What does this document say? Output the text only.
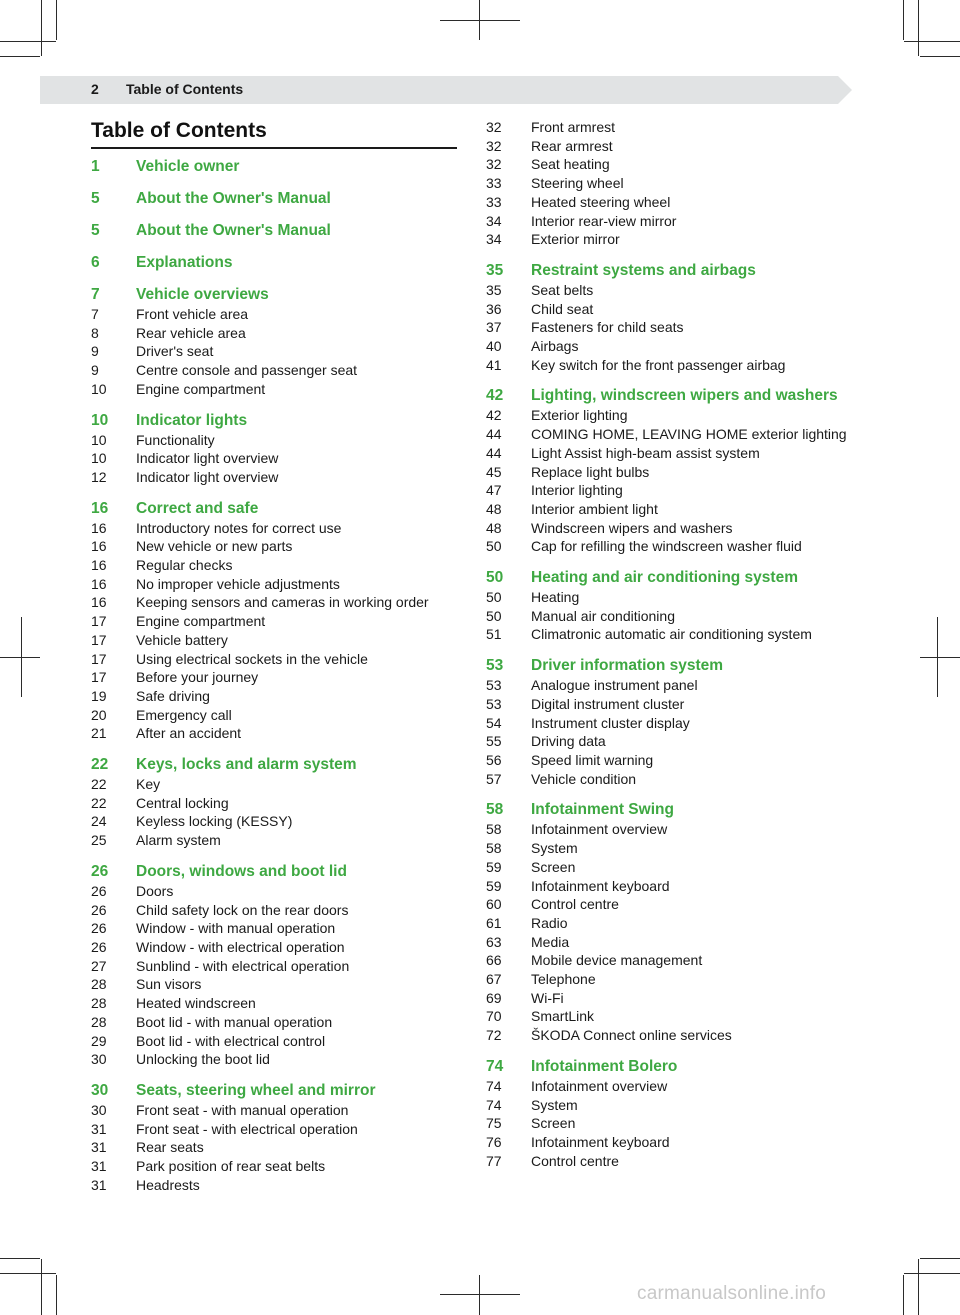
2 Table of Contents
Table of Contents
1	Vehicle owner
5	About the Owner's Manual
5	About the Owner's Manual
6	Explanations
7	Vehicle overviews
7	Front vehicle area
8	Rear vehicle area
9	Driver's seat
9	Centre console and passenger seat
10	Engine compartment
10	Indicator lights
10	Functionality
10	Indicator light overview
12	Indicator light overview
16	Correct and safe
16	Introductory notes for correct use
16	New vehicle or new parts
16	Regular checks
16	No improper vehicle adjustments
16	Keeping sensors and cameras in working order
17	Engine compartment
17	Vehicle battery
17	Using electrical sockets in the vehicle
17	Before your journey
19	Safe driving
20	Emergency call
21	After an accident
22	Keys, locks and alarm system
22	Key
22	Central locking
24	Keyless locking (KESSY)
25	Alarm system
26	Doors, windows and boot lid
26	Doors
26	Child safety lock on the rear doors
26	Window - with manual operation
26	Window - with electrical operation
27	Sunblind - with electrical operation
28	Sun visors
28	Heated windscreen
28	Boot lid - with manual operation
29	Boot lid - with electrical control
30	Unlocking the boot lid
30	Seats, steering wheel and mirror
30	Front seat - with manual operation
31	Front seat - with electrical operation
31	Rear seats
31	Park position of rear seat belts
31	Headrests
32	Front armrest
32	Rear armrest
32	Seat heating
33	Steering wheel
33	Heated steering wheel
34	Interior rear-view mirror
34	Exterior mirror
35	Restraint systems and airbags
35	Seat belts
36	Child seat
37	Fasteners for child seats
40	Airbags
41	Key switch for the front passenger airbag
42	Lighting, windscreen wipers and washers
42	Exterior lighting
44	COMING HOME, LEAVING HOME exterior lighting
44	Light Assist high-beam assist system
45	Replace light bulbs
47	Interior lighting
48	Interior ambient light
48	Windscreen wipers and washers
50	Cap for refilling the windscreen washer fluid
50	Heating and air conditioning system
50	Heating
50	Manual air conditioning
51	Climatronic automatic air conditioning system
53	Driver information system
53	Analogue instrument panel
53	Digital instrument cluster
54	Instrument cluster display
55	Driving data
56	Speed limit warning
57	Vehicle condition
58	Infotainment Swing
58	Infotainment overview
58	System
59	Screen
59	Infotainment keyboard
60	Control centre
61	Radio
63	Media
66	Mobile device management
67	Telephone
69	Wi-Fi
70	SmartLink
72	ŠKODA Connect online services
74	Infotainment Bolero
74	Infotainment overview
74	System
75	Screen
76	Infotainment keyboard
77	Control centre
carmanualsonline.info
